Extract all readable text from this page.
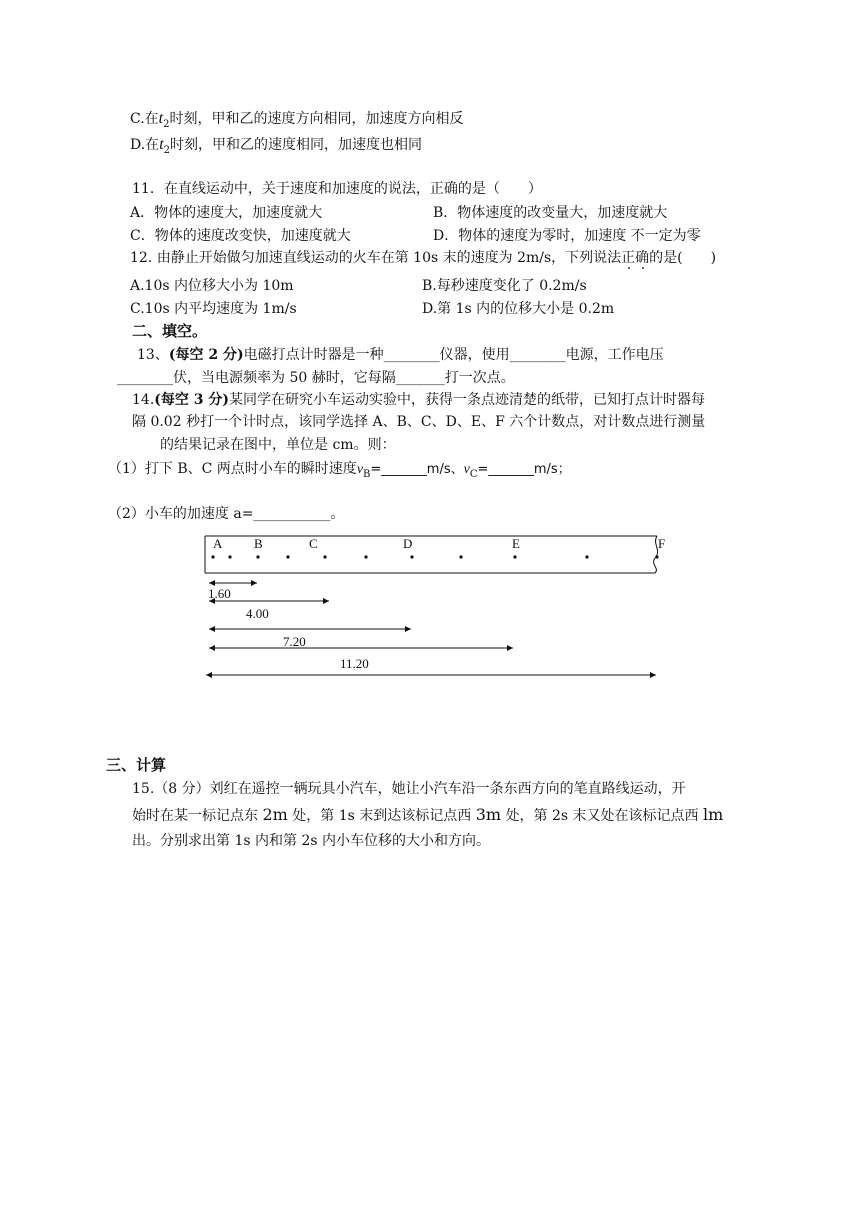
C.在$t_2$时刻，甲和乙的速度方向相同，加速度方向相反
D.在$t_2$时刻，甲和乙的速度相同，加速度也相同
11．在直线运动中，关于速度和加速度的说法，正确的是（　　）
A．物体的速度大，加速度就大	B．物体速度的改变量大，加速度就大
C．物体的速度改变快，加速度就大	D．物体的速度为零时，加速度 不一定为零
12. 由静止开始做匀加速直线运动的火车在第 10s 末的速度为 2m/s，下列说法正确的是(　　)
A.10s 内位移大小为 10m	B.每秒速度变化了 0.2m/s
C.10s 内平均速度为 1m/s	D.第 1s 内的位移大小是 0.2m
二、填空。
13、(每空 2 分)电磁打点计时器是一种________仪器，使用________电源，工作电压
________伏，当电源频率为 50 赫时，它每隔_______打一次点。
14.(每空 3 分)某同学在研究小车运动实验中，获得一条点迹清楚的纸带，已知打点计时器每
隔 0.02 秒打一个计时点，该同学选择 A、B、C、D、E、F 六个计数点，对计数点进行测量
的结果记录在图中，单位是 cm。则：
（1）打下 B、C 两点时小车的瞬时速度$v_B=\_\_\_\_\_\_\_m/s$、$v_C=\_\_\_\_\_\_\_m/s$；
（2）小车的加速度 a=___________。
A B	C	D	E	F
1.60
4.00
7.20
11.20
三、计算
15.（8 分）刘红在遥控一辆玩具小汽车，她让小汽车沿一条东西方向的笔直路线运动，开
始时在某一标记点东 2m 处，第 1s 末到达该标记点西 3m 处，第 2s 末又处在该标记点西 lm
出。分别求出第 1s 内和第 2s 内小车位移的大小和方向。
